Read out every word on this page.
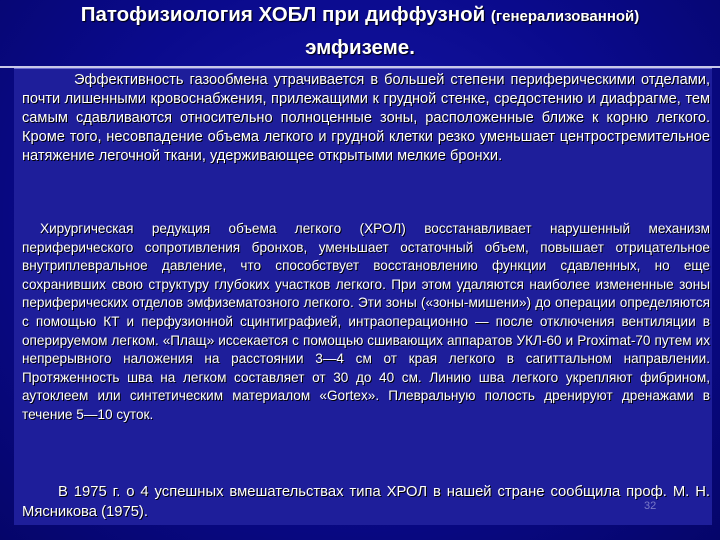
Патофизиология ХОБЛ при диффузной (генерализованной)
эмфиземе.
Эффективность газообмена утрачивается в большей степени периферическими отделами, почти лишенными кровоснабжения, прилежащими к грудной стенке, средостению и диафрагме, тем самым сдавливаются относительно полноценные зоны, расположенные ближе к корню легкого. Кроме того, несовпадение объема легкого и грудной клетки резко уменьшает центростремительное натяжение легочной ткани, удерживающее открытыми мелкие бронхи.
Хирургическая редукция объема легкого (ХРОЛ) восстанавливает нарушенный механизм периферического сопротивления бронхов, уменьшает остаточный объем, повышает отрицательное внутриплевральное давление, что способствует восстановлению функции сдавленных, но еще сохранивших свою структуру глубоких участков легкого. При этом удаляются наиболее измененные зоны периферических отделов эмфизематозного легкого. Эти зоны («зоны-мишени») до операции определяются с помощью КТ и перфузионной сцинтиграфией, интраоперационно — после отключения вентиляции в оперируемом легком. «Плащ» иссекается с помощью сшивающих аппаратов УКЛ-60 и Proximat-70 путем их непрерывного наложения на расстоянии 3—4 см от края легкого в сагиттальном направлении. Протяженность шва на легком составляет от 30 до 40 см. Линию шва легкого укрепляют фибрином, аутоклеем или синтетическим материалом «Gortex». Плевральную полость дренируют дренажами в течение 5—10 суток.
В 1975 г. о 4 успешных вмешательствах типа ХРОЛ в нашей стране сообщила проф. М. Н. Мясникова (1975).	32
